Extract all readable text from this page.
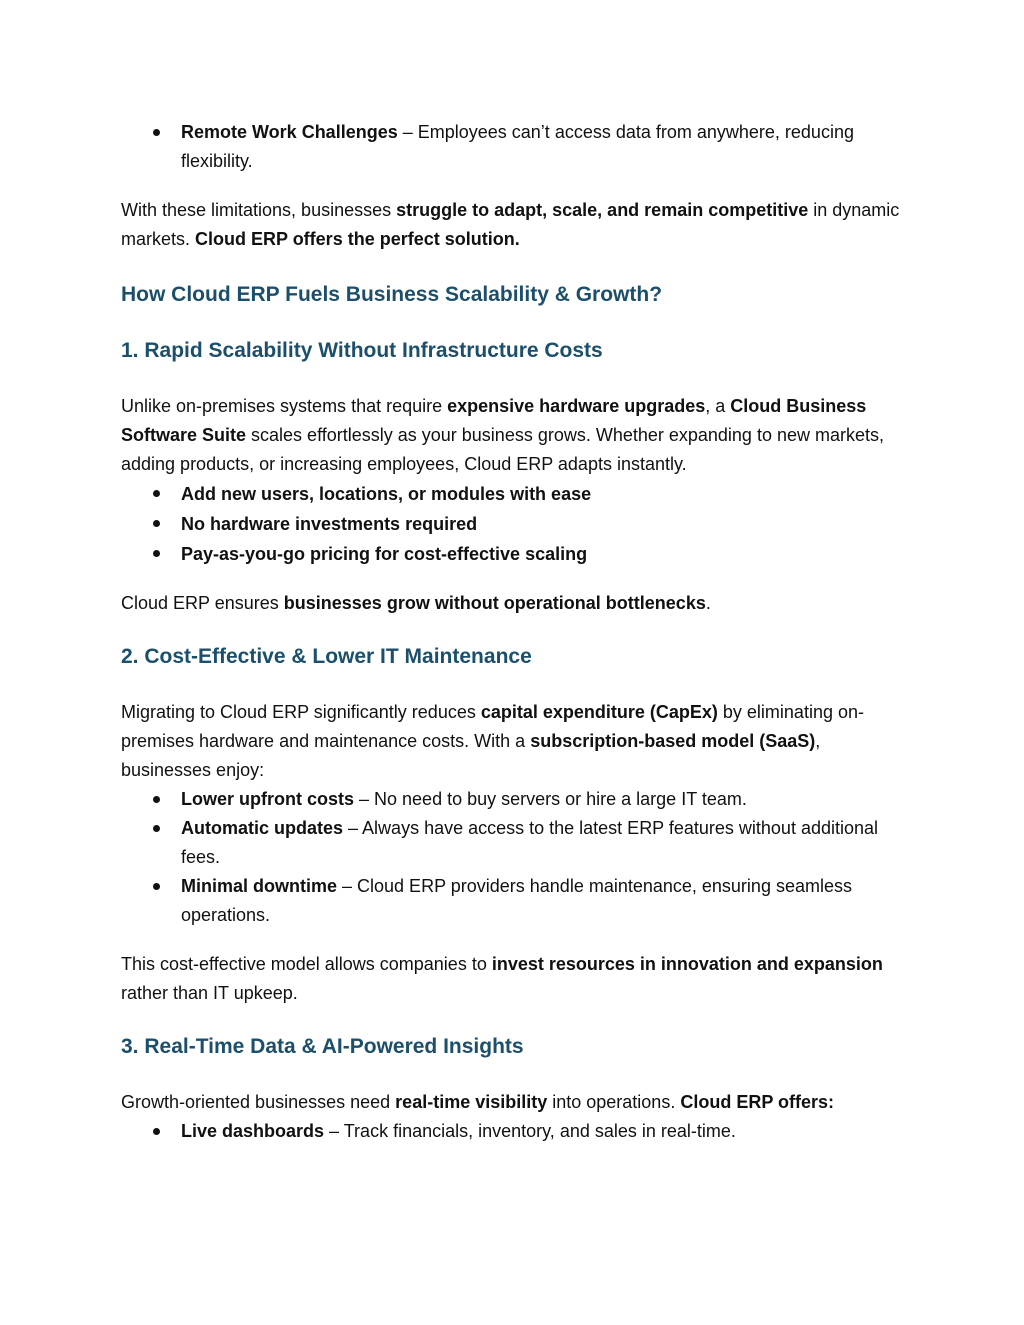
Remote Work Challenges – Employees can’t access data from anywhere, reducing flexibility.

With these limitations, businesses struggle to adapt, scale, and remain competitive in dynamic markets. Cloud ERP offers the perfect solution.

How Cloud ERP Fuels Business Scalability & Growth?
1. Rapid Scalability Without Infrastructure Costs

Unlike on-premises systems that require expensive hardware upgrades, a Cloud Business Software Suite scales effortlessly as your business grows. Whether expanding to new markets, adding products, or increasing employees, Cloud ERP adapts instantly.

Add new users, locations, or modules with ease
No hardware investments required
Pay-as-you-go pricing for cost-effective scaling

Cloud ERP ensures businesses grow without operational bottlenecks.

2. Cost-Effective & Lower IT Maintenance

Migrating to Cloud ERP significantly reduces capital expenditure (CapEx) by eliminating on-premises hardware and maintenance costs. With a subscription-based model (SaaS), businesses enjoy:

Lower upfront costs – No need to buy servers or hire a large IT team.
Automatic updates – Always have access to the latest ERP features without additional fees.
Minimal downtime – Cloud ERP providers handle maintenance, ensuring seamless operations.

This cost-effective model allows companies to invest resources in innovation and expansion rather than IT upkeep.

3. Real-Time Data & AI-Powered Insights

Growth-oriented businesses need real-time visibility into operations. Cloud ERP offers:

Live dashboards – Track financials, inventory, and sales in real-time.
